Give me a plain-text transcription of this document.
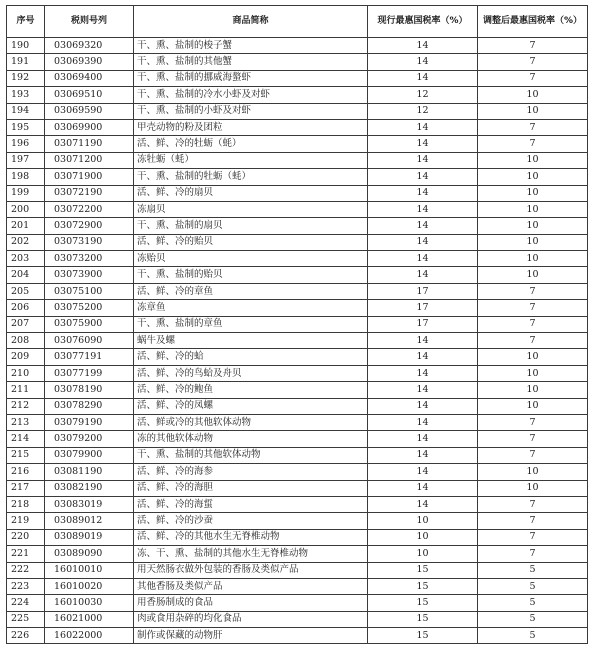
序号	税则号列	商品简称	现行最惠国税率（%）	调整后最惠国税率（%）
190	03069320	干、熏、盐制的梭子蟹	14	7
191	03069390	干、熏、盐制的其他蟹	14	7
192	03069400	干、熏、盐制的挪威海螯虾	14	7
193	03069510	干、熏、盐制的冷水小虾及对虾	12	10
194	03069590	干、熏、盐制的小虾及对虾	12	10
195	03069900	甲壳动物的粉及团粒	14	7
196	03071190	活、鲜、冷的牡蛎（蚝）	14	7
197	03071200	冻牡蛎（蚝）	14	10
198	03071900	干、熏、盐制的牡蛎（蚝）	14	10
199	03072190	活、鲜、冷的扇贝	14	10
200	03072200	冻扇贝	14	10
201	03072900	干、熏、盐制的扇贝	14	10
202	03073190	活、鲜、冷的贻贝	14	10
203	03073200	冻贻贝	14	10
204	03073900	干、熏、盐制的贻贝	14	10
205	03075100	活、鲜、冷的章鱼	17	7
206	03075200	冻章鱼	17	7
207	03075900	干、熏、盐制的章鱼	17	7
208	03076090	蜗牛及螺	14	7
209	03077191	活、鲜、冷的蛤	14	10
210	03077199	活、鲜、冷的鸟蛤及舟贝	14	10
211	03078190	活、鲜、冷的鲍鱼	14	10
212	03078290	活、鲜、冷的凤螺	14	10
213	03079190	活、鲜或冷的其他软体动物	14	7
214	03079200	冻的其他软体动物	14	7
215	03079900	干、熏、盐制的其他软体动物	14	7
216	03081190	活、鲜、冷的海参	14	10
217	03082190	活、鲜、冷的海胆	14	10
218	03083019	活、鲜、冷的海蜇	14	7
219	03089012	活、鲜、冷的沙蚕	10	7
220	03089019	活、鲜、冷的其他水生无脊椎动物	10	7
221	03089090	冻、干、熏、盐制的其他水生无脊椎动物	10	7
222	16010010	用天然肠衣做外包装的香肠及类似产品	15	5
223	16010020	其他香肠及类似产品	15	5
224	16010030	用香肠制成的食品	15	5
225	16021000	肉或食用杂碎的均化食品	15	5
226	16022000	制作或保藏的动物肝	15	5
